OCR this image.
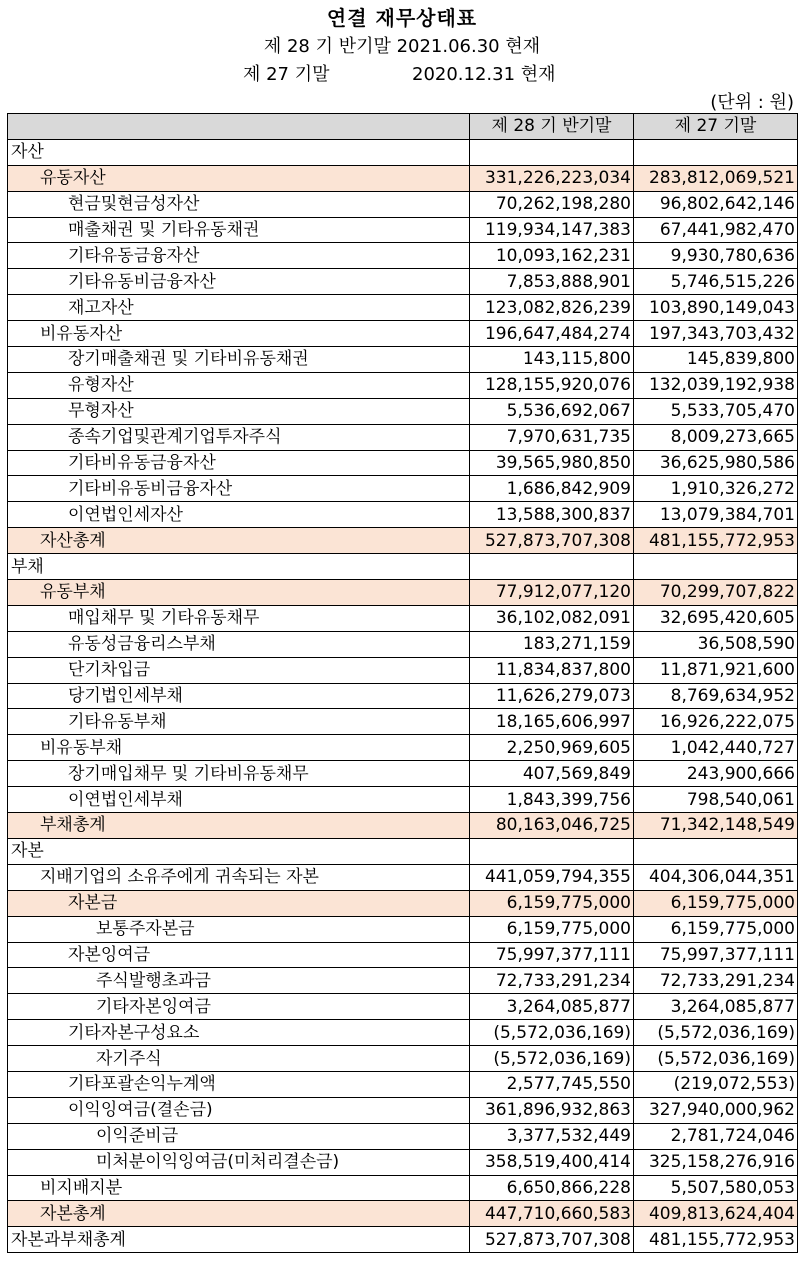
연결 재무상태표
제 28 기 반기말 2021.06.30 현재
제 27 기말	2020.12.31 현재
(단위 : 원)
	제 28 기 반기말	제 27 기말
자산		
유동자산	331,226,223,034	283,812,069,521
현금및현금성자산	70,262,198,280	96,802,642,146
매출채권 및 기타유동채권	119,934,147,383	67,441,982,470
기타유동금융자산	10,093,162,231	9,930,780,636
기타유동비금융자산	7,853,888,901	5,746,515,226
재고자산	123,082,826,239	103,890,149,043
비유동자산	196,647,484,274	197,343,703,432
장기매출채권 및 기타비유동채권	143,115,800	145,839,800
유형자산	128,155,920,076	132,039,192,938
무형자산	5,536,692,067	5,533,705,470
종속기업및관계기업투자주식	7,970,631,735	8,009,273,665
기타비유동금융자산	39,565,980,850	36,625,980,586
기타비유동비금융자산	1,686,842,909	1,910,326,272
이연법인세자산	13,588,300,837	13,079,384,701
자산총계	527,873,707,308	481,155,772,953
부채		
유동부채	77,912,077,120	70,299,707,822
매입채무 및 기타유동채무	36,102,082,091	32,695,420,605
유동성금융리스부채	183,271,159	36,508,590
단기차입금	11,834,837,800	11,871,921,600
당기법인세부채	11,626,279,073	8,769,634,952
기타유동부채	18,165,606,997	16,926,222,075
비유동부채	2,250,969,605	1,042,440,727
장기매입채무 및 기타비유동채무	407,569,849	243,900,666
이연법인세부채	1,843,399,756	798,540,061
부채총계	80,163,046,725	71,342,148,549
자본		
지배기업의 소유주에게 귀속되는 자본	441,059,794,355	404,306,044,351
자본금	6,159,775,000	6,159,775,000
보통주자본금	6,159,775,000	6,159,775,000
자본잉여금	75,997,377,111	75,997,377,111
주식발행초과금	72,733,291,234	72,733,291,234
기타자본잉여금	3,264,085,877	3,264,085,877
기타자본구성요소	(5,572,036,169)	(5,572,036,169)
자기주식	(5,572,036,169)	(5,572,036,169)
기타포괄손익누계액	2,577,745,550	(219,072,553)
이익잉여금(결손금)	361,896,932,863	327,940,000,962
이익준비금	3,377,532,449	2,781,724,046
미처분이익잉여금(미처리결손금)	358,519,400,414	325,158,276,916
비지배지분	6,650,866,228	5,507,580,053
자본총계	447,710,660,583	409,813,624,404
자본과부채총계	527,873,707,308	481,155,772,953
